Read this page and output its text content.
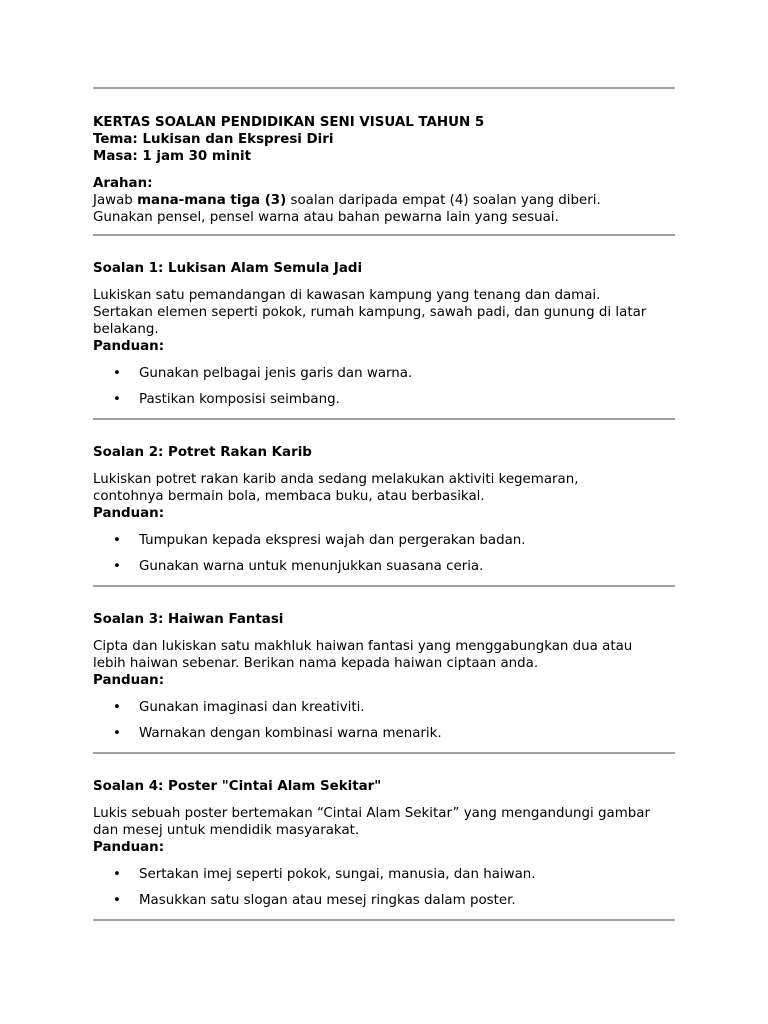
KERTAS SOALAN PENDIDIKAN SENI VISUAL TAHUN 5
Tema: Lukisan dan Ekspresi Diri
Masa: 1 jam 30 minit
Arahan:
Jawab mana-mana tiga (3) soalan daripada empat (4) soalan yang diberi.
Gunakan pensel, pensel warna atau bahan pewarna lain yang sesuai.
Soalan 1: Lukisan Alam Semula Jadi
Lukiskan satu pemandangan di kawasan kampung yang tenang dan damai. Sertakan elemen seperti pokok, rumah kampung, sawah padi, dan gunung di latar belakang.
Panduan:
• Gunakan pelbagai jenis garis dan warna.
• Pastikan komposisi seimbang.
Soalan 2: Potret Rakan Karib
Lukiskan potret rakan karib anda sedang melakukan aktiviti kegemaran, contohnya bermain bola, membaca buku, atau berbasikal.
Panduan:
• Tumpukan kepada ekspresi wajah dan pergerakan badan.
• Gunakan warna untuk menunjukkan suasana ceria.
Soalan 3: Haiwan Fantasi
Cipta dan lukiskan satu makhluk haiwan fantasi yang menggabungkan dua atau lebih haiwan sebenar. Berikan nama kepada haiwan ciptaan anda.
Panduan:
• Gunakan imaginasi dan kreativiti.
• Warnakan dengan kombinasi warna menarik.
Soalan 4: Poster "Cintai Alam Sekitar"
Lukis sebuah poster bertemakan “Cintai Alam Sekitar” yang mengandungi gambar dan mesej untuk mendidik masyarakat.
Panduan:
• Sertakan imej seperti pokok, sungai, manusia, dan haiwan.
• Masukkan satu slogan atau mesej ringkas dalam poster.
